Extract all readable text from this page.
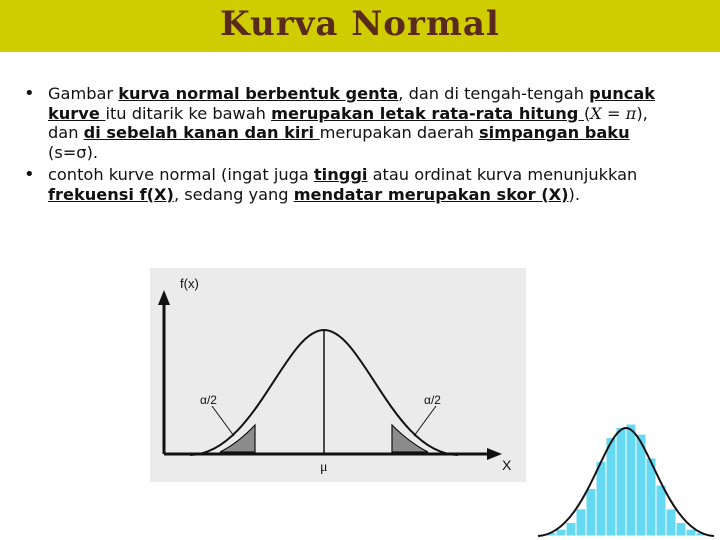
Kurva Normal
• Gambar kurva normal berbentuk genta, dan di tengah-tengah puncak kurve itu ditarik ke bawah merupakan letak rata-rata hitung (X = π), dan di sebelah kanan dan kiri merupakan daerah simpangan baku (s=σ).
• contoh kurve normal (ingat juga tinggi atau ordinat kurva menunjukkan frekuensi f(X), sedang yang mendatar merupakan skor (X)).
f(x)
X
α/2	α/2
μ
